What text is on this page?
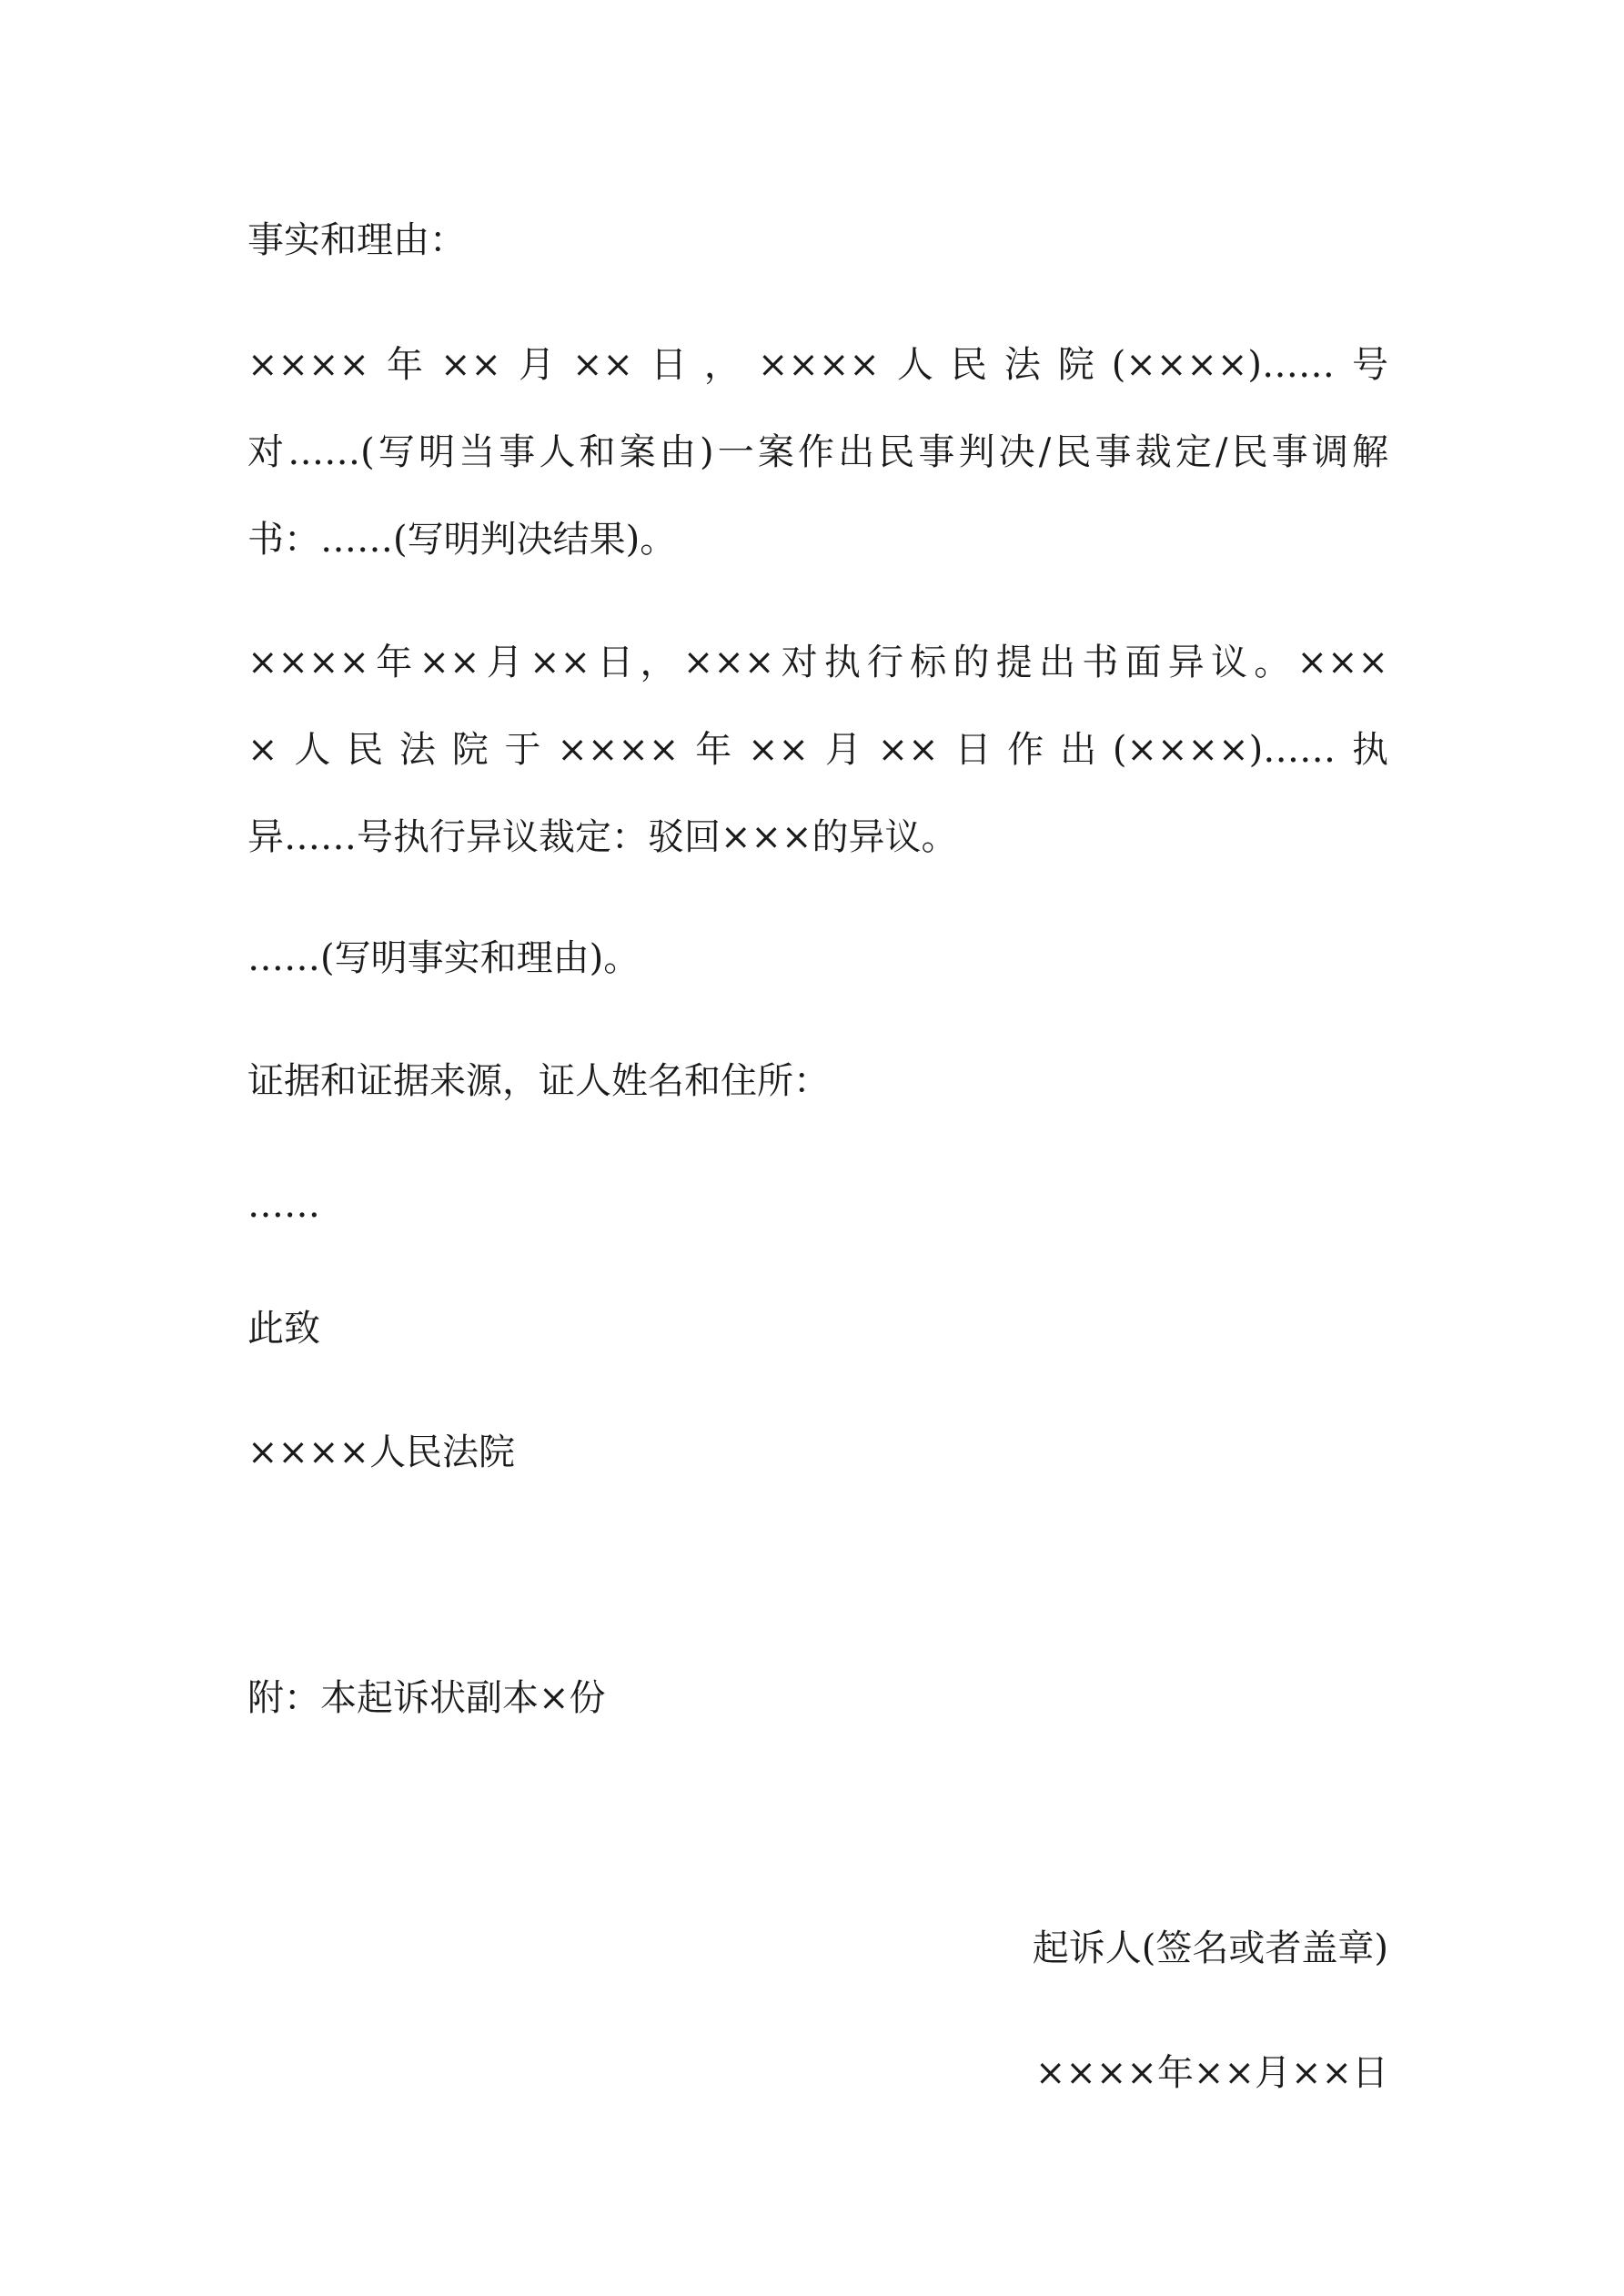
事实和理由：
××××年××月××日，××××人民法院(××××)……号
对……(写明当事人和案由)一案作出民事判决/民事裁定/民事调解
书：……(写明判决结果)。
××××年××月××日，×××对执行标的提出书面异议。×××
×人民法院于××××年××月××日作出(××××)……执
异……号执行异议裁定：驳回×××的异议。
……(写明事实和理由)。
证据和证据来源，证人姓名和住所：
……
此致
××××人民法院
附：本起诉状副本×份
起诉人(签名或者盖章)
××××年××月××日
